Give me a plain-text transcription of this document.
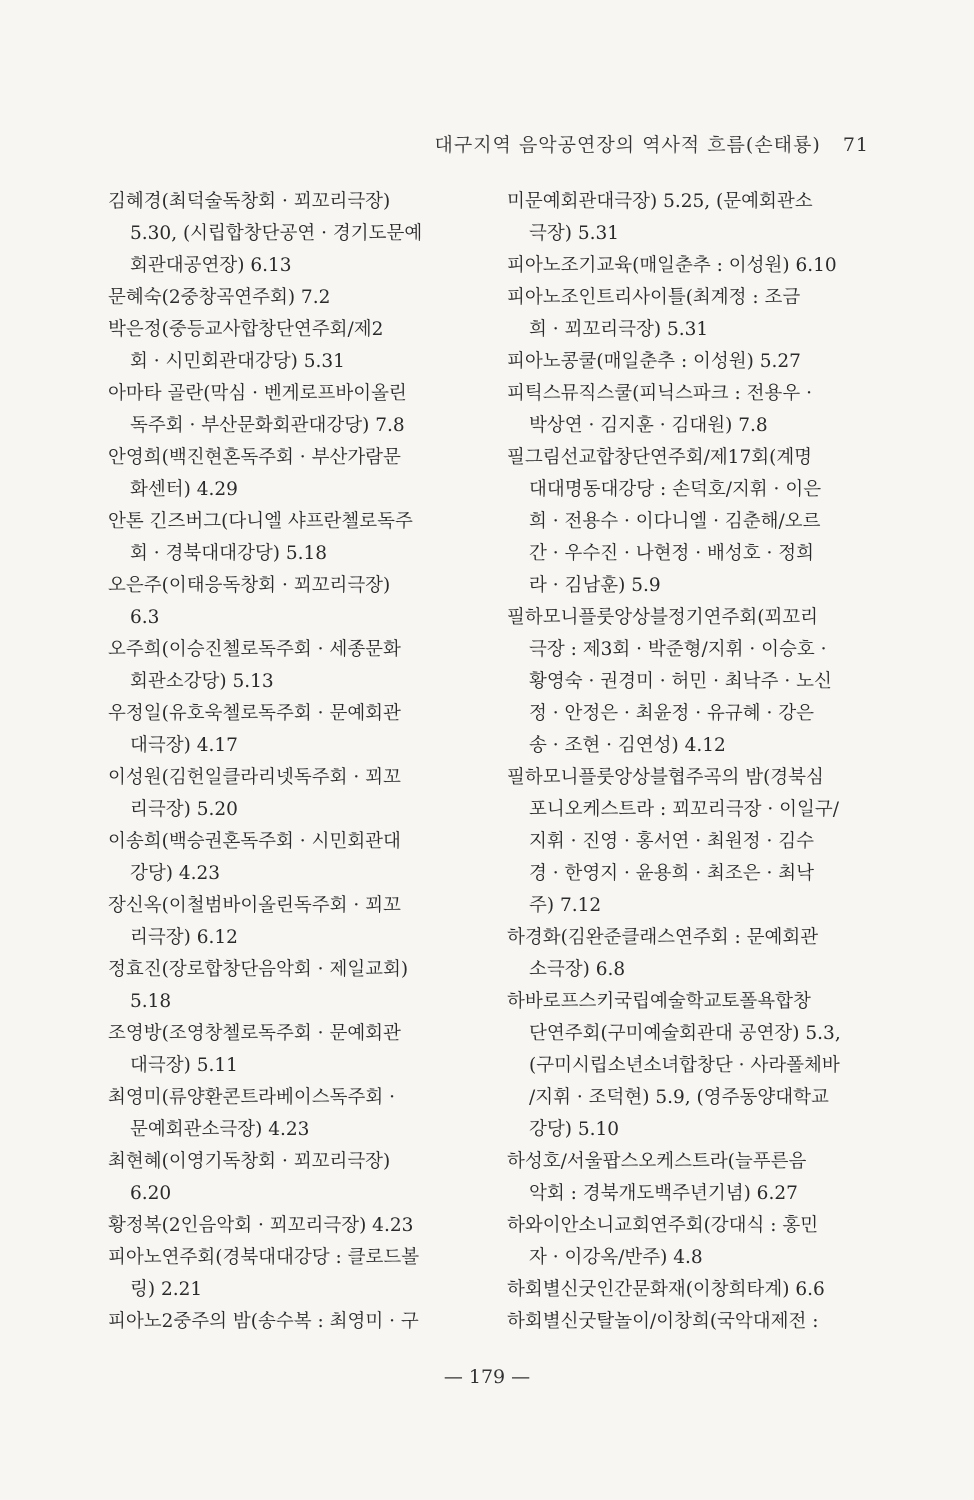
대구지역 음악공연장의 역사적 흐름(손태룡) 71
김혜경(최덕술독창회 · 꾀꼬리극장)
5.30, (시립합창단공연 · 경기도문예
회관대공연장) 6.13
문혜숙(2중창곡연주회) 7.2
박은정(중등교사합창단연주회/제2
회 · 시민회관대강당) 5.31
아마타 골란(막심 · 벤게로프바이올린
독주회 · 부산문화회관대강당) 7.8
안영희(백진현혼독주회 · 부산가람문
화센터) 4.29
안톤 긴즈버그(다니엘 샤프란첼로독주
회 · 경북대대강당) 5.18
오은주(이태응독창회 · 꾀꼬리극장)
6.3
오주희(이승진첼로독주회 · 세종문화
회관소강당) 5.13
우정일(유호욱첼로독주회 · 문예회관
대극장) 4.17
이성원(김헌일클라리넷독주회 · 꾀꼬
리극장) 5.20
이송희(백승권혼독주회 · 시민회관대
강당) 4.23
장신옥(이철범바이올린독주회 · 꾀꼬
리극장) 6.12
정효진(장로합창단음악회 · 제일교회)
5.18
조영방(조영창첼로독주회 · 문예회관
대극장) 5.11
최영미(류양환콘트라베이스독주회 ·
문예회관소극장) 4.23
최현혜(이영기독창회 · 꾀꼬리극장)
6.20
황정복(2인음악회 · 꾀꼬리극장) 4.23
피아노연주회(경북대대강당 : 클로드볼
링) 2.21
피아노2중주의 밤(송수복 : 최영미 · 구
미문예회관대극장) 5.25, (문예회관소
극장) 5.31
피아노조기교육(매일춘추 : 이성원) 6.10
피아노조인트리사이틀(최계정 : 조금
희 · 꾀꼬리극장) 5.31
피아노콩쿨(매일춘추 : 이성원) 5.27
피틱스뮤직스쿨(피닉스파크 : 전용우 ·
박상연 · 김지훈 · 김대원) 7.8
필그림선교합창단연주회/제17회(계명
대대명동대강당 : 손덕호/지휘 · 이은
희 · 전용수 · 이다니엘 · 김춘해/오르
간 · 우수진 · 나현정 · 배성호 · 정희
라 · 김남훈) 5.9
필하모니플룻앙상블정기연주회(꾀꼬리
극장 : 제3회 · 박준형/지휘 · 이승호 ·
황영숙 · 권경미 · 허민 · 최낙주 · 노신
정 · 안정은 · 최윤정 · 유규혜 · 강은
송 · 조현 · 김연성) 4.12
필하모니플룻앙상블협주곡의 밤(경북심
포니오케스트라 : 꾀꼬리극장 · 이일구/
지휘 · 진영 · 홍서연 · 최원정 · 김수
경 · 한영지 · 윤용희 · 최조은 · 최낙
주) 7.12
하경화(김완준클래스연주회 : 문예회관
소극장) 6.8
하바로프스키국립예술학교토폴욕합창
단연주회(구미예술회관대 공연장) 5.3,
(구미시립소년소녀합창단 · 사라폴체바
/지휘 · 조덕현) 5.9, (영주동양대학교
강당) 5.10
하성호/서울팝스오케스트라(늘푸른음
악회 : 경북개도백주년기념) 6.27
하와이안소니교회연주회(강대식 : 홍민
자 · 이강옥/반주) 4.8
하회별신굿인간문화재(이창희타계) 6.6
하회별신굿탈놀이/이창희(국악대제전 :
— 179 —
